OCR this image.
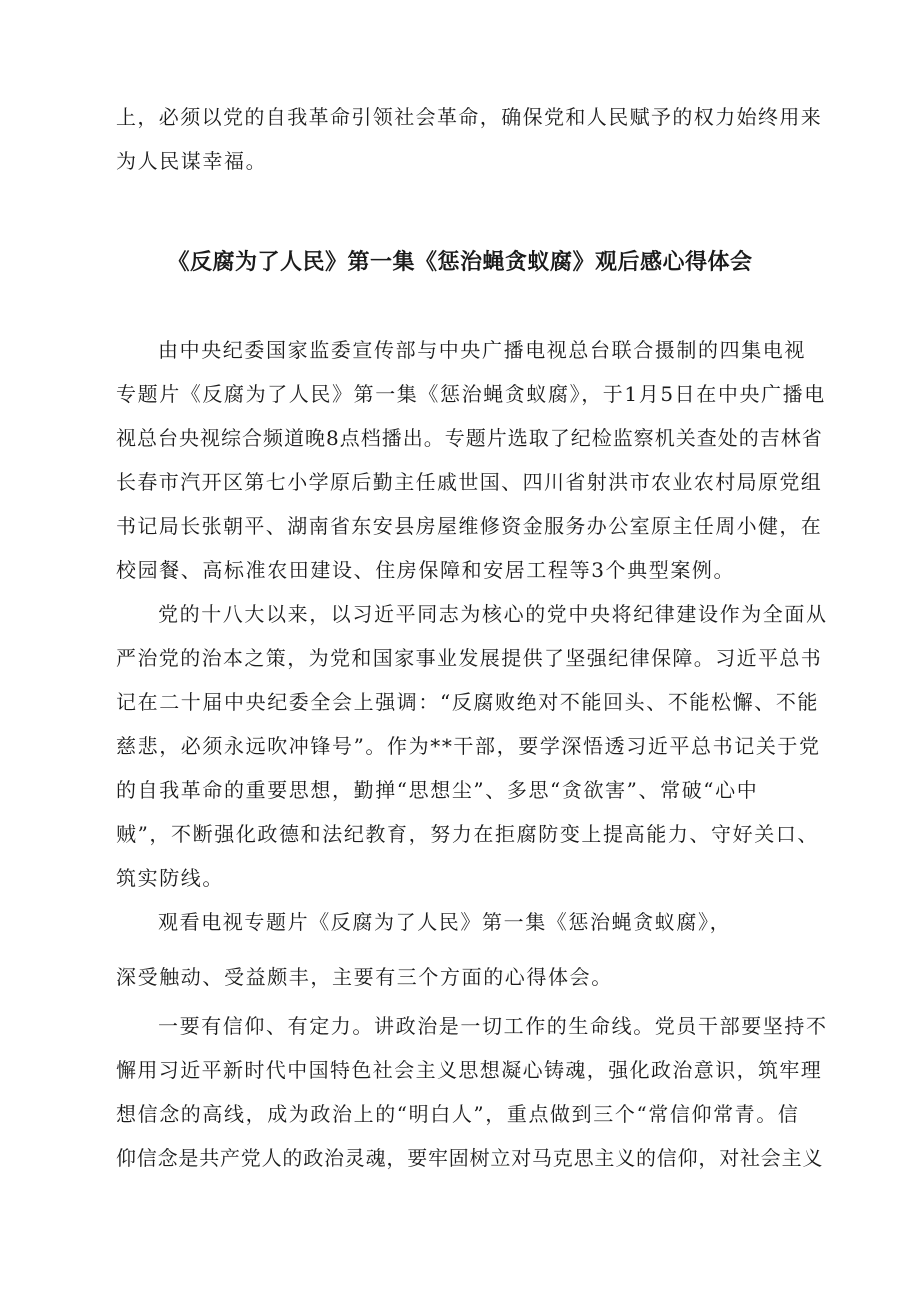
上，必须以党的自我革命引领社会革命，确保党和人民赋予的权力始终用来
为人民谋幸福。
《反腐为了人民》第一集《惩治蝇贪蚁腐》观后感心得体会
由中央纪委国家监委宣传部与中央广播电视总台联合摄制的四集电视
专题片《反腐为了人民》第一集《惩治蝇贪蚁腐》，于1月5日在中央广播电
视总台央视综合频道晚8点档播出。专题片选取了纪检监察机关查处的吉林省
长春市汽开区第七小学原后勤主任戚世国、四川省射洪市农业农村局原党组
书记局长张朝平、湖南省东安县房屋维修资金服务办公室原主任周小健，在
校园餐、高标准农田建设、住房保障和安居工程等3个典型案例。
党的十八大以来，以习近平同志为核心的党中央将纪律建设作为全面从
严治党的治本之策，为党和国家事业发展提供了坚强纪律保障。习近平总书
记在二十届中央纪委全会上强调：“反腐败绝对不能回头、不能松懈、不能
慈悲，必须永远吹冲锋号”。作为**干部，要学深悟透习近平总书记关于党
的自我革命的重要思想，勤掸“思想尘”、多思“贪欲害”、常破“心中
贼”，不断强化政德和法纪教育，努力在拒腐防变上提高能力、守好关口、
筑实防线。
观看电视专题片《反腐为了人民》第一集《惩治蝇贪蚁腐》，
深受触动、受益颇丰，主要有三个方面的心得体会。
一要有信仰、有定力。讲政治是一切工作的生命线。党员干部要坚持不
懈用习近平新时代中国特色社会主义思想凝心铸魂，强化政治意识，筑牢理
想信念的高线，成为政治上的“明白人”，重点做到三个“常信仰常青。信
仰信念是共产党人的政治灵魂，要牢固树立对马克思主义的信仰，对社会主义
